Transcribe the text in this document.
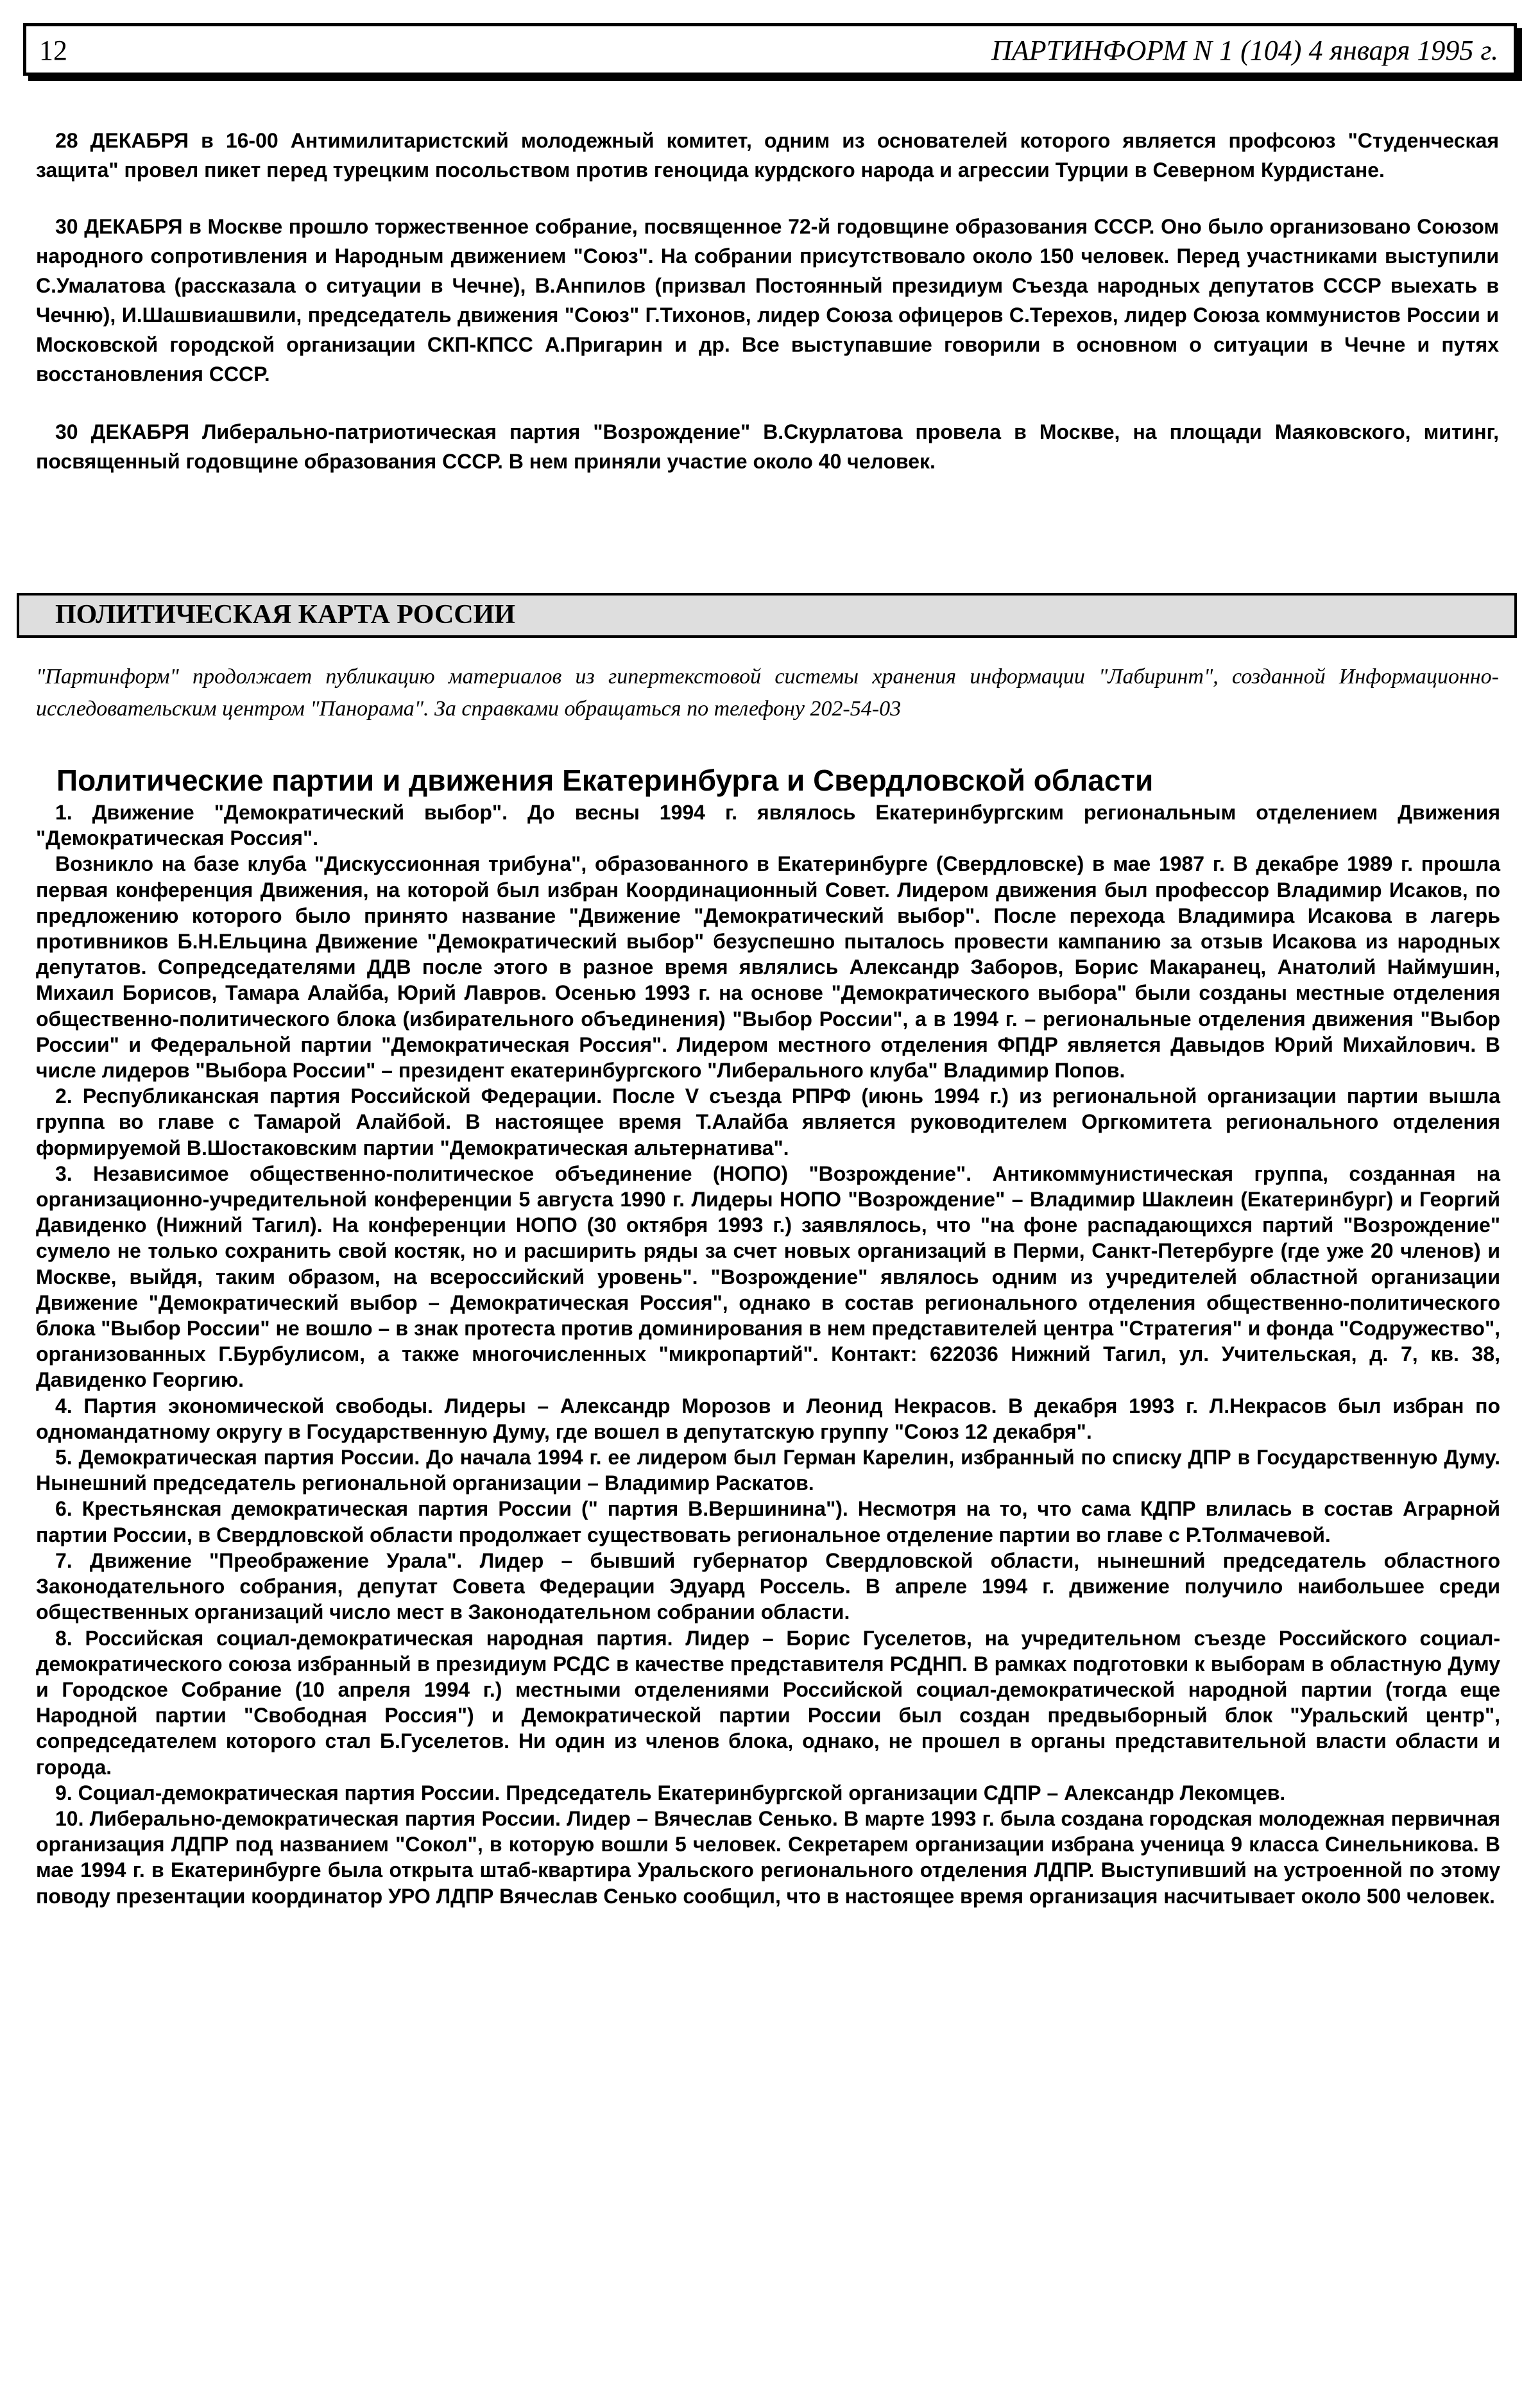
12	ПАРТИНФОРМ N 1 (104) 4 января 1995 г.

28 ДЕКАБРЯ в 16-00 Антимилитаристский молодежный комитет, одним из основателей которого является профсоюз "Студенческая защита" провел пикет перед турецким посольством против геноцида курдского народа и агрессии Турции в Северном Курдистане.

30 ДЕКАБРЯ в Москве прошло торжественное собрание, посвященное 72-й годовщине образования СССР. Оно было организовано Союзом народного сопротивления и Народным движением "Союз". На собрании присутствовало около 150 человек. Перед участниками выступили С.Умалатова (рассказала о ситуации в Чечне), В.Анпилов (призвал Постоянный президиум Съезда народных депутатов СССР выехать в Чечню), И.Шашвиашвили, председатель движения "Союз" Г.Тихонов, лидер Союза офицеров С.Терехов, лидер Союза коммунистов России и Московской городской организации СКП-КПСС А.Пригарин и др. Все выступавшие говорили в основном о ситуации в Чечне и путях восстановления СССР.

30 ДЕКАБРЯ Либерально-патриотическая партия "Возрождение" В.Скурлатова провела в Москве, на площади Маяковского, митинг, посвященный годовщине образования СССР. В нем приняли участие около 40 человек.

ПОЛИТИЧЕСКАЯ КАРТА РОССИИ
"Партинформ" продолжает публикацию материалов из гипертекстовой системы хранения информации "Лабиринт", созданной Информационно-исследовательским центром "Панорама". За справками обращаться по телефону 202-54-03
Политические партии и движения Екатеринбурга и Свердловской области

1. Движение "Демократический выбор". До весны 1994 г. являлось Екатеринбургским региональным отделением Движения "Демократическая Россия".

Возникло на базе клуба "Дискуссионная трибуна", образованного в Екатеринбурге (Свердловске) в мае 1987 г. В декабре 1989 г. прошла первая конференция Движения, на которой был избран Координационный Совет. Лидером движения был профессор Владимир Исаков, по предложению которого было принято название "Движение "Демократический выбор". После перехода Владимира Исакова в лагерь противников Б.Н.Ельцина Движение "Демократический выбор" безуспешно пыталось провести кампанию за отзыв Исакова из народных депутатов. Сопредседателями ДДВ после этого в разное время являлись Александр Заборов, Борис Макаранец, Анатолий Наймушин, Михаил Борисов, Тамара Алайба, Юрий Лавров. Осенью 1993 г. на основе "Демократического выбора" были созданы местные отделения общественно-политического блока (избирательного объединения) "Выбор России", а в 1994 г. – региональные отделения движения "Выбор России" и Федеральной партии "Демократическая Россия". Лидером местного отделения ФПДР является Давыдов Юрий Михайлович. В числе лидеров "Выбора России" – президент екатеринбургского "Либерального клуба" Владимир Попов.

2. Республиканская партия Российской Федерации. После V съезда РПРФ (июнь 1994 г.) из региональной организации партии вышла группа во главе с Тамарой Алайбой. В настоящее время Т.Алайба является руководителем Оргкомитета регионального отделения формируемой В.Шостаковским партии "Демократическая альтернатива".

3. Независимое общественно-политическое объединение (НОПО) "Возрождение". Антикоммунистическая группа, созданная на организационно-учредительной конференции 5 августа 1990 г. Лидеры НОПО "Возрождение" – Владимир Шаклеин (Екатеринбург) и Георгий Давиденко (Нижний Тагил). На конференции НОПО (30 октября 1993 г.) заявлялось, что "на фоне распадающихся партий "Возрождение" сумело не только сохранить свой костяк, но и расширить ряды за счет новых организаций в Перми, Санкт-Петербурге (где уже 20 членов) и Москве, выйдя, таким образом, на всероссийский уровень". "Возрождение" являлось одним из учредителей областной организации Движение "Демократический выбор – Демократическая Россия", однако в состав регионального отделения общественно-политического блока "Выбор России" не вошло – в знак протеста против доминирования в нем представителей центра "Стратегия" и фонда "Содружество", организованных Г.Бурбулисом, а также многочисленных "микропартий". Контакт: 622036 Нижний Тагил, ул. Учительская, д. 7, кв. 38, Давиденко Георгию.

4. Партия экономической свободы. Лидеры – Александр Морозов и Леонид Некрасов. В декабря 1993 г. Л.Некрасов был избран по одномандатному округу в Государственную Думу, где вошел в депутатскую группу "Союз 12 декабря".

5. Демократическая партия России. До начала 1994 г. ее лидером был Герман Карелин, избранный по списку ДПР в Государственную Думу. Нынешний председатель региональной организации – Владимир Раскатов.

6. Крестьянская демократическая партия России (" партия В.Вершинина"). Несмотря на то, что сама КДПР влилась в состав Аграрной партии России, в Свердловской области продолжает существовать региональное отделение партии во главе с Р.Толмачевой.

7. Движение "Преображение Урала". Лидер – бывший губернатор Свердловской области, нынешний председатель областного Законодательного собрания, депутат Совета Федерации Эдуард Россель. В апреле 1994 г. движение получило наибольшее среди общественных организаций число мест в Законодательном собрании области.

8. Российская социал-демократическая народная партия. Лидер – Борис Гуселетов, на учредительном съезде Российского социал-демократического союза избранный в президиум РСДС в качестве представителя РСДНП. В рамках подготовки к выборам в областную Думу и Городское Собрание (10 апреля 1994 г.) местными отделениями Российской социал-демократической народной партии (тогда еще Народной партии "Свободная Россия") и Демократической партии России был создан предвыборный блок "Уральский центр", сопредседателем которого стал Б.Гуселетов. Ни один из членов блока, однако, не прошел в органы представительной власти области и города.

9. Социал-демократическая партия России. Председатель Екатеринбургской организации СДПР – Александр Лекомцев.

10. Либерально-демократическая партия России. Лидер – Вячеслав Сенько. В марте 1993 г. была создана городская молодежная первичная организация ЛДПР под названием "Сокол", в которую вошли 5 человек. Секретарем организации избрана ученица 9 класса Синельникова. В мае 1994 г. в Екатеринбурге была открыта штаб-квартира Уральского регионального отделения ЛДПР. Выступивший на устроенной по этому поводу презентации координатор УРО ЛДПР Вячеслав Сенько сообщил, что в настоящее время организация насчитывает около 500 человек.
